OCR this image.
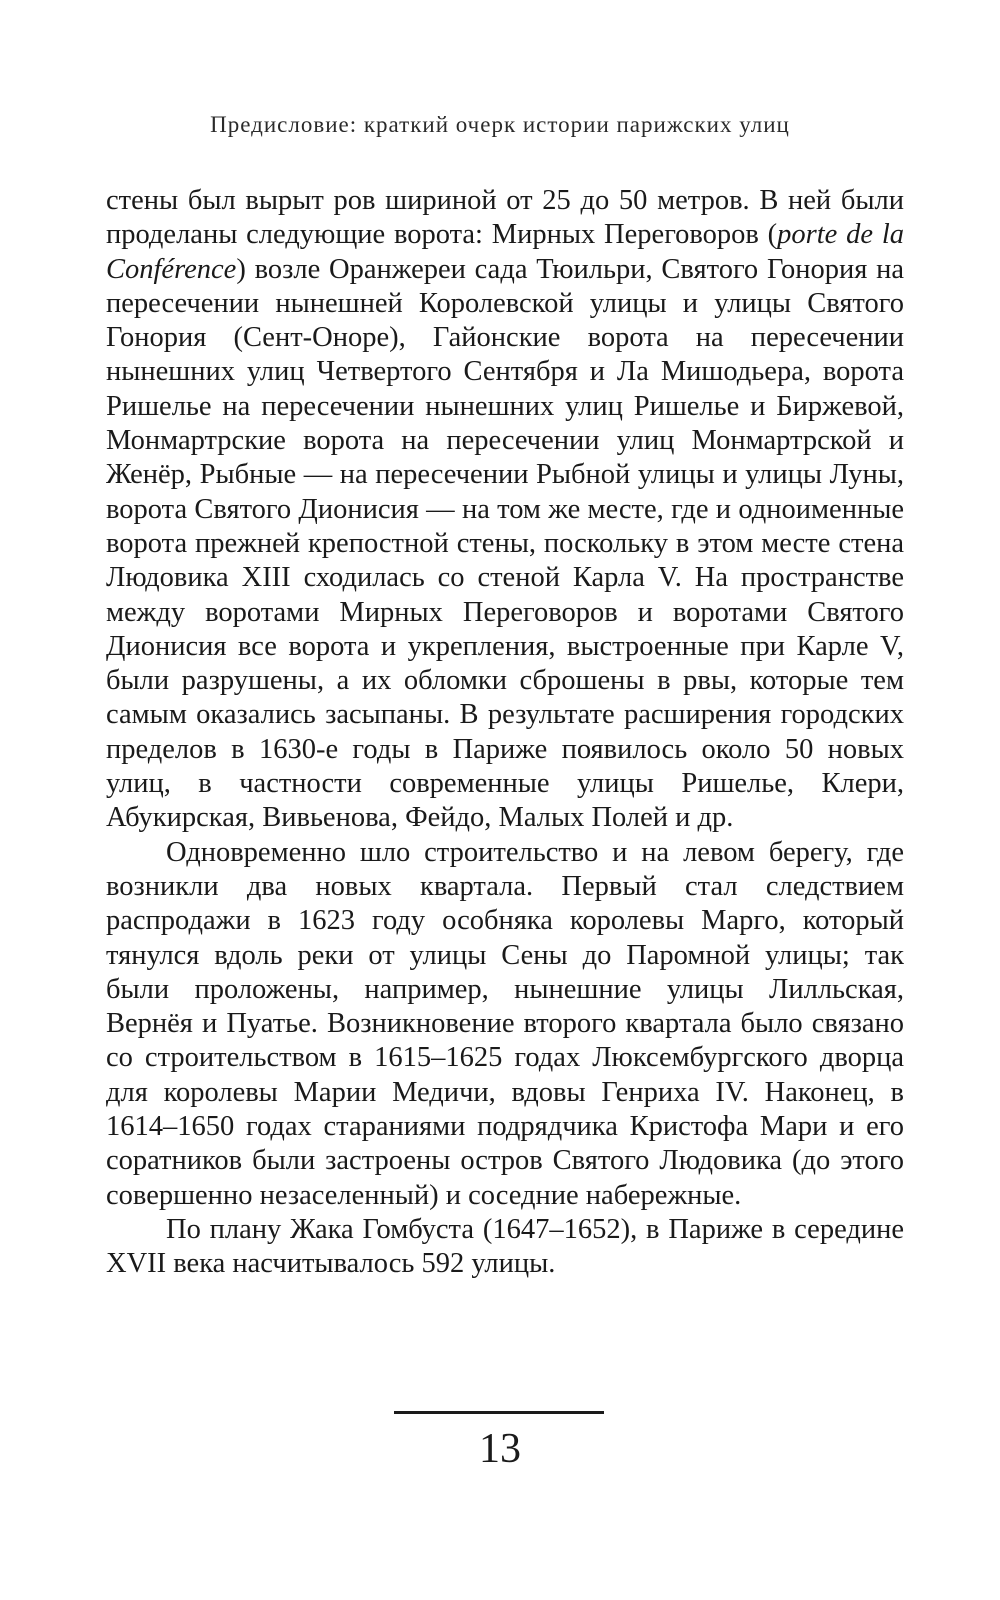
Предисловие: краткий очерк истории парижских улиц

стены был вырыт ров шириной от 25 до 50 метров. В ней были проделаны следующие ворота: Мирных Переговоров (porte de la Conférence) возле Оранжереи сада Тюильри, Святого Гонория на пересечении нынешней Королевской улицы и улицы Святого Гонория (Сент-Оноре), Гайонские ворота на пересечении нынешних улиц Четвертого Сентября и Ла Мишодьера, ворота Ришелье на пересечении нынешних улиц Ришелье и Биржевой, Монмартрские ворота на пересечении улиц Монмартрской и Женёр, Рыбные — на пересечении Рыбной улицы и улицы Луны, ворота Святого Дионисия — на том же месте, где и одноименные ворота прежней крепостной стены, поскольку в этом месте стена Людовика XIII сходилась со стеной Карла V. На пространстве между воротами Мирных Переговоров и воротами Святого Дионисия все ворота и укрепления, выстроенные при Карле V, были разрушены, а их обломки сброшены в рвы, которые тем самым оказались засыпаны. В результате расширения городских пределов в 1630-е годы в Париже появилось около 50 новых улиц, в частности современные улицы Ришелье, Клери, Абукирская, Вивьенова, Фейдо, Малых Полей и др.

Одновременно шло строительство и на левом берегу, где возникли два новых квартала. Первый стал следствием распродажи в 1623 году особняка королевы Марго, который тянулся вдоль реки от улицы Сены до Паромной улицы; так были проложены, например, нынешние улицы Лилльская, Вернёя и Пуатье. Возникновение второго квартала было связано со строительством в 1615–1625 годах Люксембургского дворца для королевы Марии Медичи, вдовы Генриха IV. Наконец, в 1614–1650 годах стараниями подрядчика Кристофа Мари и его соратников были застроены остров Святого Людовика (до этого совершенно незаселенный) и соседние набережные.

По плану Жака Гомбуста (1647–1652), в Париже в середине XVII века насчитывалось 592 улицы.

13
